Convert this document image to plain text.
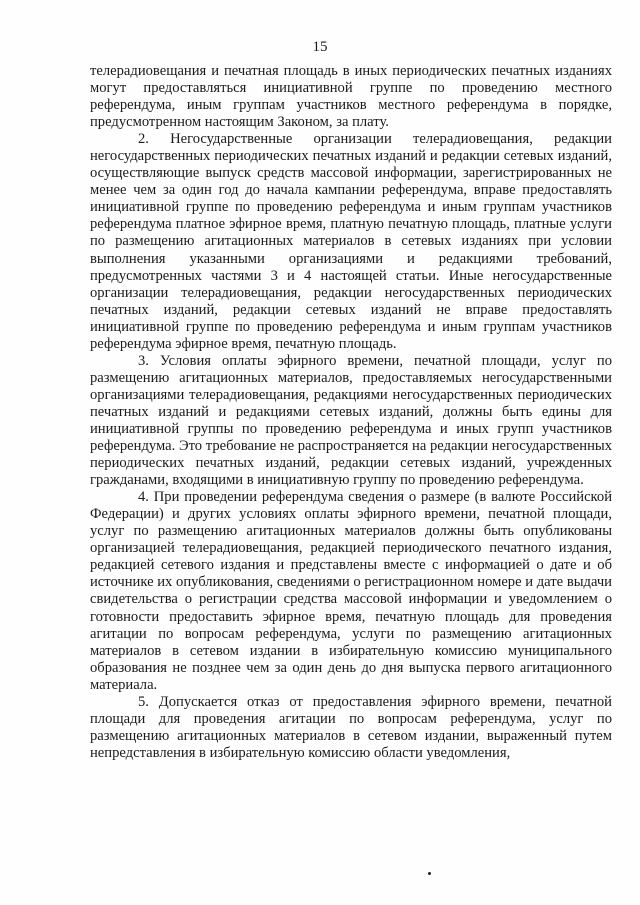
15

телерадиовещания и печатная площадь в иных периодических печатных изданиях могут предоставляться инициативной группе по проведению местного референдума, иным группам участников местного референдума в порядке, предусмотренном настоящим Законом, за плату.

2. Негосударственные организации телерадиовещания, редакции негосударственных периодических печатных изданий и редакции сетевых изданий, осуществляющие выпуск средств массовой информации, зарегистрированных не менее чем за один год до начала кампании референдума, вправе предоставлять инициативной группе по проведению референдума и иным группам участников референдума платное эфирное время, платную печатную площадь, платные услуги по размещению агитационных материалов в сетевых изданиях при условии выполнения указанными организациями и редакциями требований, предусмотренных частями 3 и 4 настоящей статьи. Иные негосударственные организации телерадиовещания, редакции негосударственных периодических печатных изданий, редакции сетевых изданий не вправе предоставлять инициативной группе по проведению референдума и иным группам участников референдума эфирное время, печатную площадь.

3. Условия оплаты эфирного времени, печатной площади, услуг по размещению агитационных материалов, предоставляемых негосударственными организациями телерадиовещания, редакциями негосударственных периодических печатных изданий и редакциями сетевых изданий, должны быть едины для инициативной группы по проведению референдума и иных групп участников референдума. Это требование не распространяется на редакции негосударственных периодических печатных изданий, редакции сетевых изданий, учрежденных гражданами, входящими в инициативную группу по проведению референдума.

4. При проведении референдума сведения о размере (в валюте Российской Федерации) и других условиях оплаты эфирного времени, печатной площади, услуг по размещению агитационных материалов должны быть опубликованы организацией телерадиовещания, редакцией периодического печатного издания, редакцией сетевого издания и представлены вместе с информацией о дате и об источнике их опубликования, сведениями о регистрационном номере и дате выдачи свидетельства о регистрации средства массовой информации и уведомлением о готовности предоставить эфирное время, печатную площадь для проведения агитации по вопросам референдума, услуги по размещению агитационных материалов в сетевом издании в избирательную комиссию муниципального образования не позднее чем за один день до дня выпуска первого агитационного материала.

5. Допускается отказ от предоставления эфирного времени, печатной площади для проведения агитации по вопросам референдума, услуг по размещению агитационных материалов в сетевом издании, выраженный путем непредставления в избирательную комиссию области уведомления,
